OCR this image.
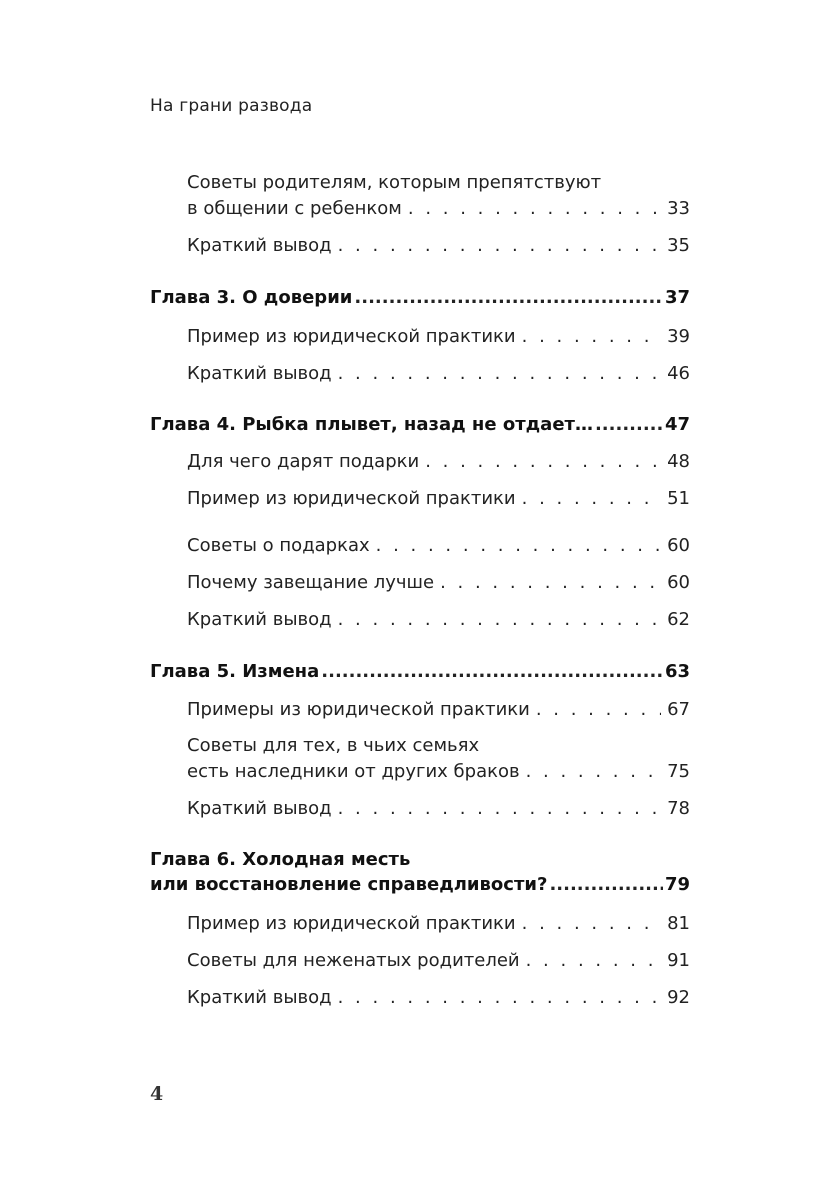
На грани развода
Советы родителям, которым препятствуют
в общении с ребенком . . .	33
Краткий вывод . . .	35
Глава 3. О доверии .....	37
Пример из юридической практики . . .	39
Краткий вывод . . .	46
Глава 4. Рыбка плывет, назад не отдает… .....	47
Для чего дарят подарки . . .	48
Пример из юридической практики . . .	51
Советы о подарках . . .	60
Почему завещание лучше . . .	60
Краткий вывод . . .	62
Глава 5. Измена .....	63
Примеры из юридической практики . . .	67
Советы для тех, в чьих семьях
есть наследники от других браков . . .	75
Краткий вывод . . .	78
Глава 6. Холодная месть
или восстановление справедливости? .....	79
Пример из юридической практики . . .	81
Советы для неженатых родителей . . .	91
Краткий вывод . . .	92
4
